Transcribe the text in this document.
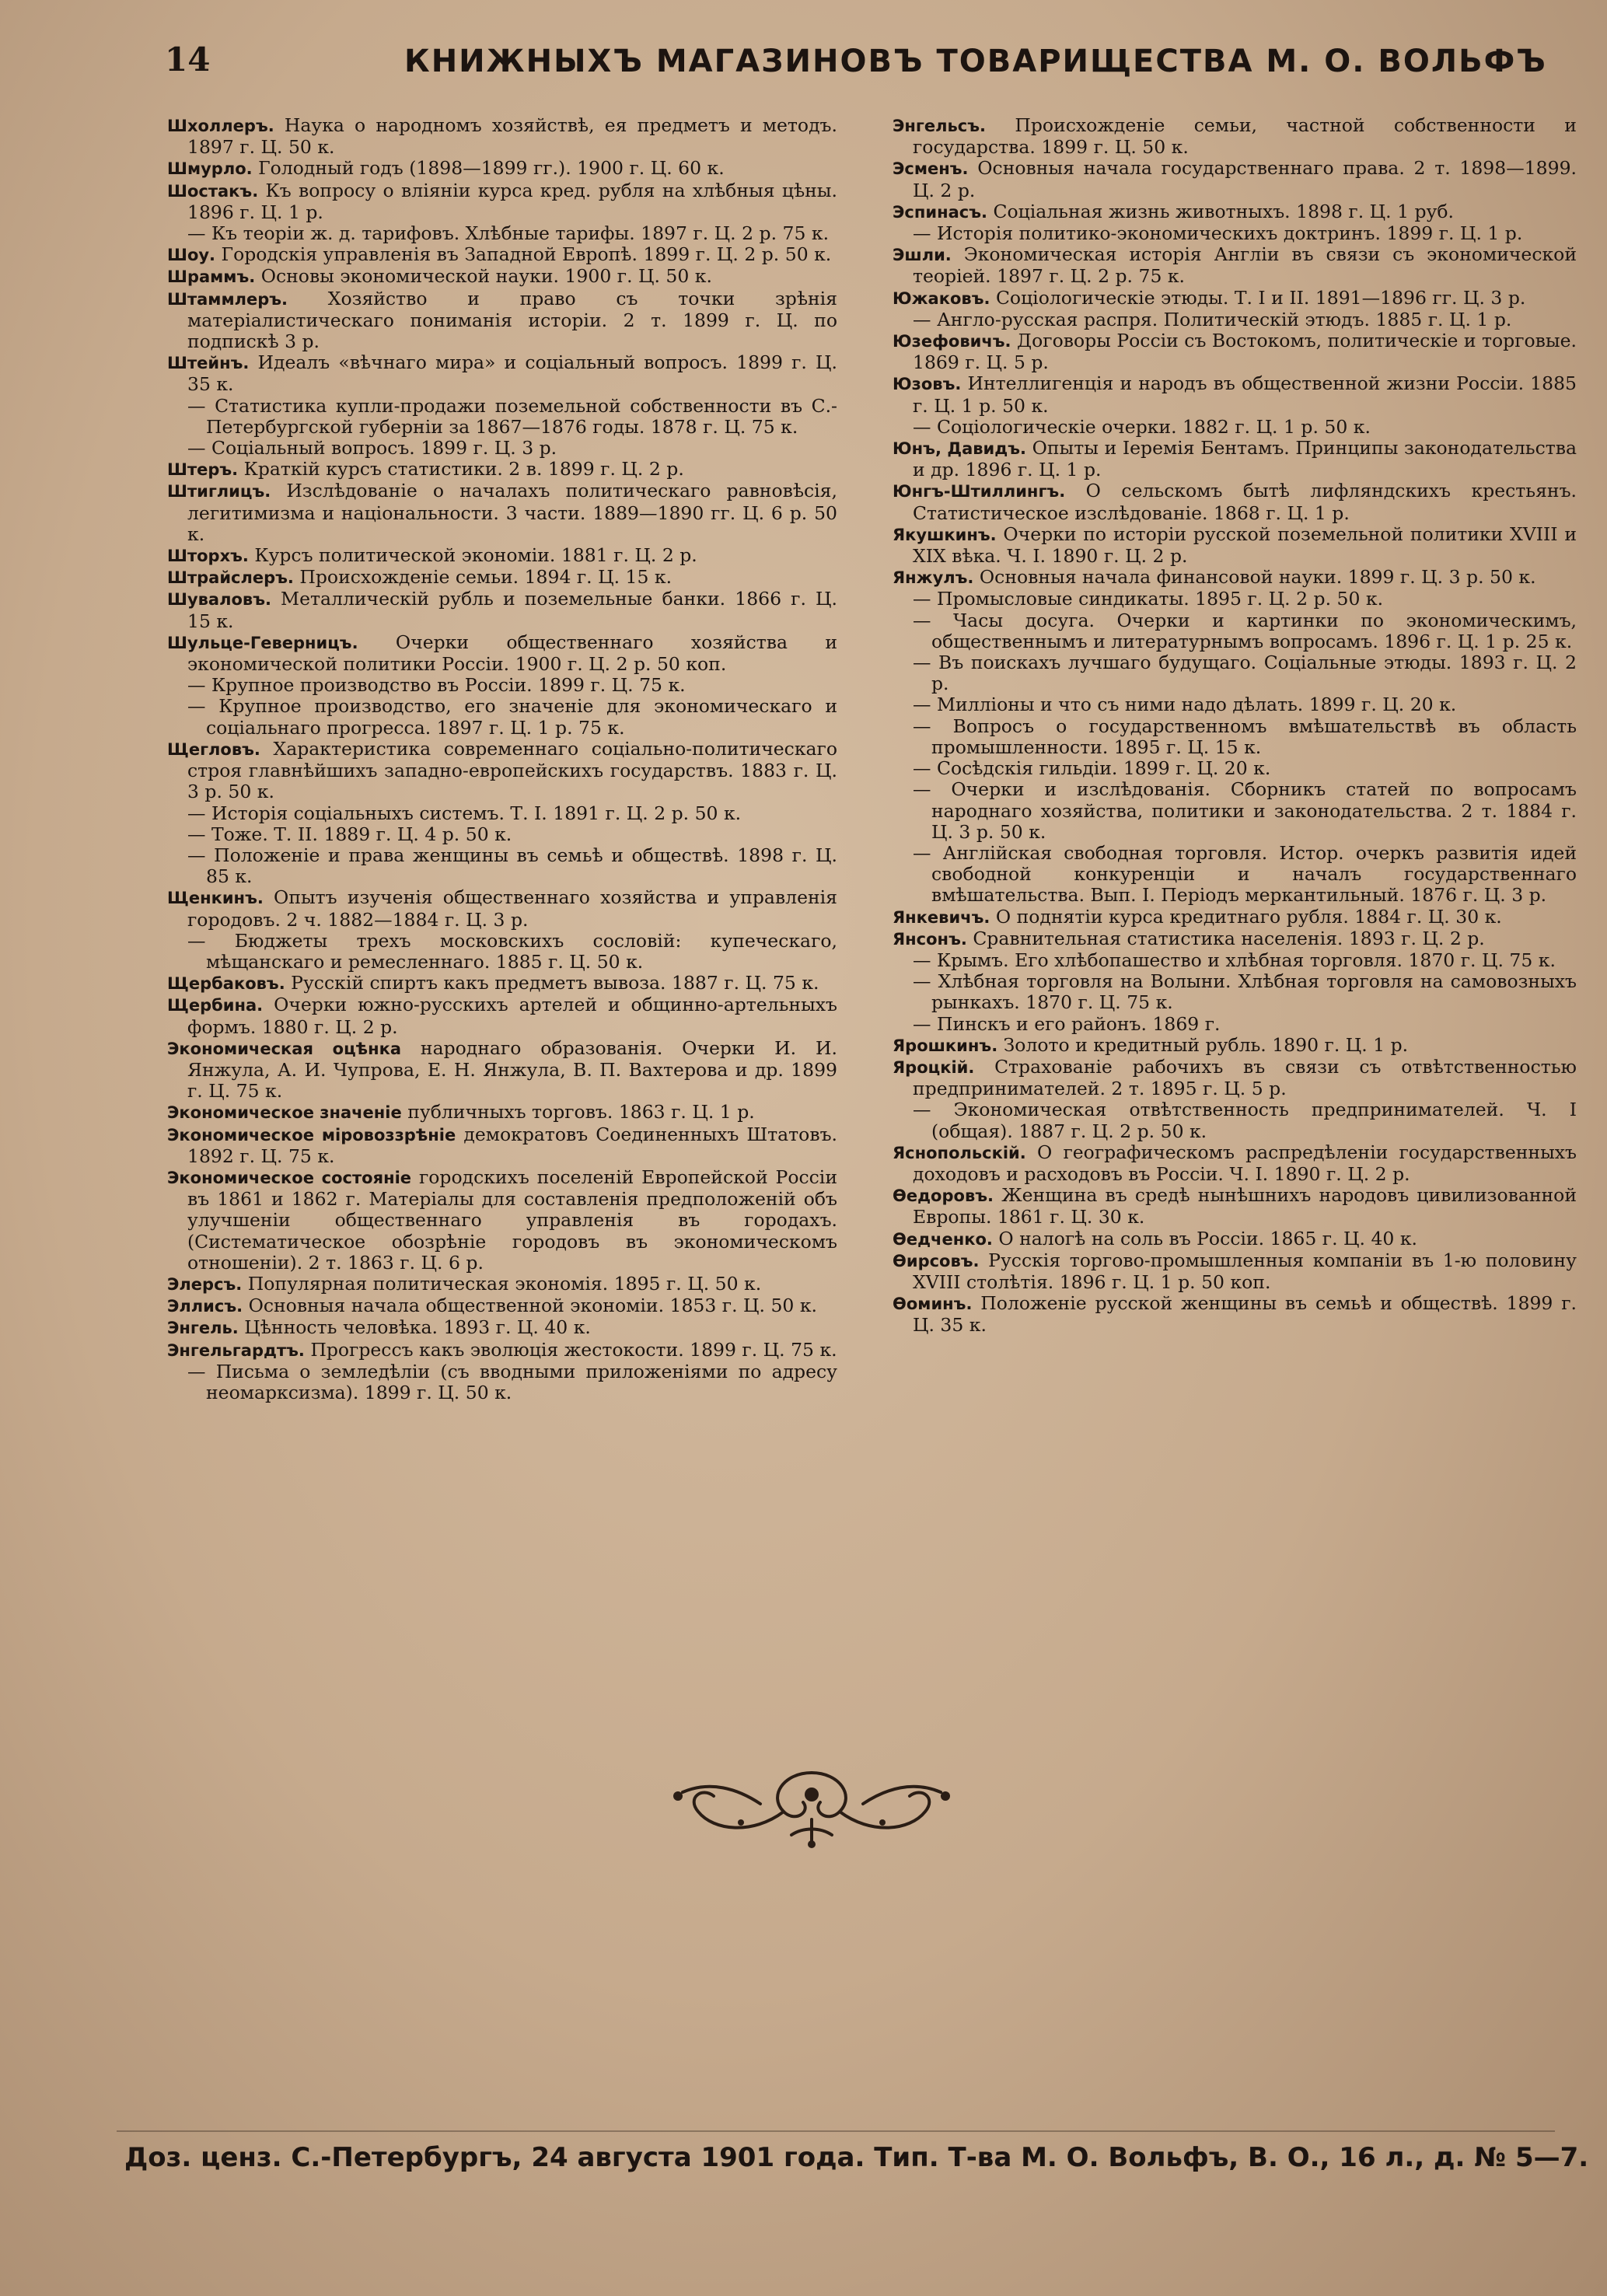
14	КНИЖНЫХЪ МАГАЗИНОВЪ ТОВАРИЩЕСТВА М. О. ВОЛЬФЪ

Шхоллеръ. Наука о народномъ хозяйствѣ, ея предметъ и методъ. 1897 г. Ц. 50 к.

Шмурло. Голодный годъ (1898—1899 гг.). 1900 г. Ц. 60 к.

Шостакъ. Къ вопросу о вліяніи курса кред. рубля на хлѣбныя цѣны. 1896 г. Ц. 1 р.

— Къ теоріи ж. д. тарифовъ. Хлѣбные тарифы. 1897 г. Ц. 2 р. 75 к.

Шоу. Городскія управленія въ Западной Европѣ. 1899 г. Ц. 2 р. 50 к.

Шраммъ. Основы экономической науки. 1900 г. Ц. 50 к.

Штаммлеръ. Хозяйство и право съ точки зрѣнія матеріалистическаго пониманія исторіи. 2 т. 1899 г. Ц. по подпискѣ 3 р.

Штейнъ. Идеалъ «вѣчнаго мира» и соціальный вопросъ. 1899 г. Ц. 35 к.

— Статистика купли-продажи поземельной собственности въ С.-Петербургской губерніи за 1867—1876 годы. 1878 г. Ц. 75 к.

— Соціальный вопросъ. 1899 г. Ц. 3 р.

Штеръ. Краткій курсъ статистики. 2 в. 1899 г. Ц. 2 р.

Штиглицъ. Изслѣдованіе о началахъ политическаго равновѣсія, легитимизма и національности. 3 части. 1889—1890 гг. Ц. 6 р. 50 к.

Шторхъ. Курсъ политической экономіи. 1881 г. Ц. 2 р.

Штрайслеръ. Происхожденіе семьи. 1894 г. Ц. 15 к.

Шуваловъ. Металлическій рубль и поземельные банки. 1866 г. Ц. 15 к.

Шульце-Геверницъ. Очерки общественнаго хозяйства и экономической политики Россіи. 1900 г. Ц. 2 р. 50 коп.

— Крупное производство въ Россіи. 1899 г. Ц. 75 к.

— Крупное производство, его значеніе для экономическаго и соціальнаго прогресса. 1897 г. Ц. 1 р. 75 к.

Щегловъ. Характеристика современнаго соціально-политическаго строя главнѣйшихъ западно-европейскихъ государствъ. 1883 г. Ц. 3 р. 50 к.

— Исторія соціальныхъ системъ. Т. I. 1891 г. Ц. 2 р. 50 к.

— Тоже. Т. II. 1889 г. Ц. 4 р. 50 к.

— Положеніе и права женщины въ семьѣ и обществѣ. 1898 г. Ц. 85 к.

Щенкинъ. Опытъ изученія общественнаго хозяйства и управленія городовъ. 2 ч. 1882—1884 г. Ц. 3 р.

— Бюджеты трехъ московскихъ сословій: купеческаго, мѣщанскаго и ремесленнаго. 1885 г. Ц. 50 к.

Щербаковъ. Русскій спиртъ какъ предметъ вывоза. 1887 г. Ц. 75 к.

Щербина. Очерки южно-русскихъ артелей и общинно-артельныхъ формъ. 1880 г. Ц. 2 р.

Экономическая оцѣнка народнаго образованія. Очерки И. И. Янжула, А. И. Чупрова, Е. Н. Янжула, В. П. Вахтерова и др. 1899 г. Ц. 75 к.

Экономическое значеніе публичныхъ торговъ. 1863 г. Ц. 1 р.

Экономическое міровоззрѣніе демократовъ Соединенныхъ Штатовъ. 1892 г. Ц. 75 к.

Экономическое состояніе городскихъ поселеній Европейской Россіи въ 1861 и 1862 г. Матеріалы для составленія предположеній объ улучшеніи общественнаго управленія въ городахъ. (Систематическое обозрѣніе городовъ въ экономическомъ отношеніи). 2 т. 1863 г. Ц. 6 р.

Элерсъ. Популярная политическая экономія. 1895 г. Ц. 50 к.

Эллисъ. Основныя начала общественной экономіи. 1853 г. Ц. 50 к.

Энгель. Цѣнность человѣка. 1893 г. Ц. 40 к.

Энгельгардтъ. Прогрессъ какъ эволюція жестокости. 1899 г. Ц. 75 к.

— Письма о земледѣліи (съ вводными приложеніями по адресу неомарксизма). 1899 г. Ц. 50 к.

Энгельсъ. Происхожденіе семьи, частной собственности и государства. 1899 г. Ц. 50 к.

Эсменъ. Основныя начала государственнаго права. 2 т. 1898—1899. Ц. 2 р.

Эспинасъ. Соціальная жизнь животныхъ. 1898 г. Ц. 1 руб.

— Исторія политико-экономическихъ доктринъ. 1899 г. Ц. 1 р.

Эшли. Экономическая исторія Англіи въ связи съ экономической теоріей. 1897 г. Ц. 2 р. 75 к.

Южаковъ. Соціологическіе этюды. Т. I и II. 1891—1896 гг. Ц. 3 р.

— Англо-русская распря. Политическій этюдъ. 1885 г. Ц. 1 р.

Юзефовичъ. Договоры Россіи съ Востокомъ, политическіе и торговые. 1869 г. Ц. 5 р.

Юзовъ. Интеллигенція и народъ въ общественной жизни Россіи. 1885 г. Ц. 1 р. 50 к.

— Соціологическіе очерки. 1882 г. Ц. 1 р. 50 к.

Юнъ, Давидъ. Опыты и Іеремія Бентамъ. Принципы законодательства и др. 1896 г. Ц. 1 р.

Юнгъ-Штиллингъ. О сельскомъ бытѣ лифляндскихъ крестьянъ. Статистическое изслѣдованіе. 1868 г. Ц. 1 р.

Якушкинъ. Очерки по исторіи русской поземельной политики XVIII и XIX вѣка. Ч. I. 1890 г. Ц. 2 р.

Янжулъ. Основныя начала финансовой науки. 1899 г. Ц. 3 р. 50 к.

— Промысловые синдикаты. 1895 г. Ц. 2 р. 50 к.

— Часы досуга. Очерки и картинки по экономическимъ, общественнымъ и литературнымъ вопросамъ. 1896 г. Ц. 1 р. 25 к.

— Въ поискахъ лучшаго будущаго. Соціальные этюды. 1893 г. Ц. 2 р.

— Милліоны и что съ ними надо дѣлать. 1899 г. Ц. 20 к.

— Вопросъ о государственномъ вмѣшательствѣ въ область промышленности. 1895 г. Ц. 15 к.

— Сосѣдскія гильдіи. 1899 г. Ц. 20 к.

— Очерки и изслѣдованія. Сборникъ статей по вопросамъ народнаго хозяйства, политики и законодательства. 2 т. 1884 г. Ц. 3 р. 50 к.

— Англійская свободная торговля. Истор. очеркъ развитія идей свободной конкуренціи и началъ государственнаго вмѣшательства. Вып. I. Періодъ меркантильный. 1876 г. Ц. 3 р.

Янкевичъ. О поднятіи курса кредитнаго рубля. 1884 г. Ц. 30 к.

Янсонъ. Сравнительная статистика населенія. 1893 г. Ц. 2 р.

— Крымъ. Его хлѣбопашество и хлѣбная торговля. 1870 г. Ц. 75 к.

— Хлѣбная торговля на Волыни. Хлѣбная торговля на самовозныхъ рынкахъ. 1870 г. Ц. 75 к.

— Пинскъ и его районъ. 1869 г.

Ярошкинъ. Золото и кредитный рубль. 1890 г. Ц. 1 р.

Яроцкій. Страхованіе рабочихъ въ связи съ отвѣтственностью предпринимателей. 2 т. 1895 г. Ц. 5 р.

— Экономическая отвѣтственность предпринимателей. Ч. I (общая). 1887 г. Ц. 2 р. 50 к.

Яснопольскій. О географическомъ распредѣленіи государственныхъ доходовъ и расходовъ въ Россіи. Ч. I. 1890 г. Ц. 2 р.

Ѳедоровъ. Женщина въ средѣ нынѣшнихъ народовъ цивилизованной Европы. 1861 г. Ц. 30 к.

Ѳедченко. О налогѣ на соль въ Россіи. 1865 г. Ц. 40 к.

Ѳирсовъ. Русскія торгово-промышленныя компаніи въ 1-ю половину XVIII столѣтія. 1896 г. Ц. 1 р. 50 коп.

Ѳоминъ. Положеніе русской женщины въ семьѣ и обществѣ. 1899 г. Ц. 35 к.

Доз. ценз. С.-Петербургъ, 24 августа 1901 года. Тип. Т-ва М. О. Вольфъ, В. О., 16 л., д. № 5—7.
